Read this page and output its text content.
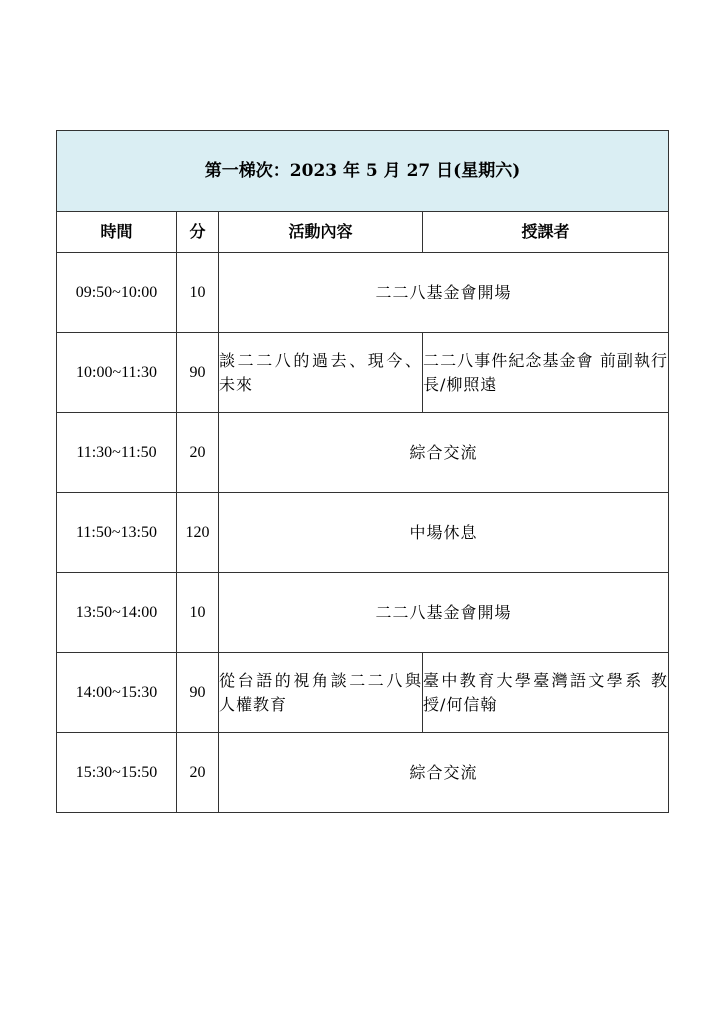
第一梯次：2023 年 5 月 27 日(星期六)			
時間	分	活動內容	授課者
09:50~10:00	10	二二八基金會開場	
10:00~11:30	90	談二二八的過去、現今、未來	二二八事件紀念基金會 前副執行長/柳照遠
11:30~11:50	20	綜合交流	
11:50~13:50	120	中場休息	
13:50~14:00	10	二二八基金會開場	
14:00~15:30	90	從台語的視角談二二八與人權教育	臺中教育大學臺灣語文學系 教授/何信翰
15:30~15:50	20	綜合交流	
